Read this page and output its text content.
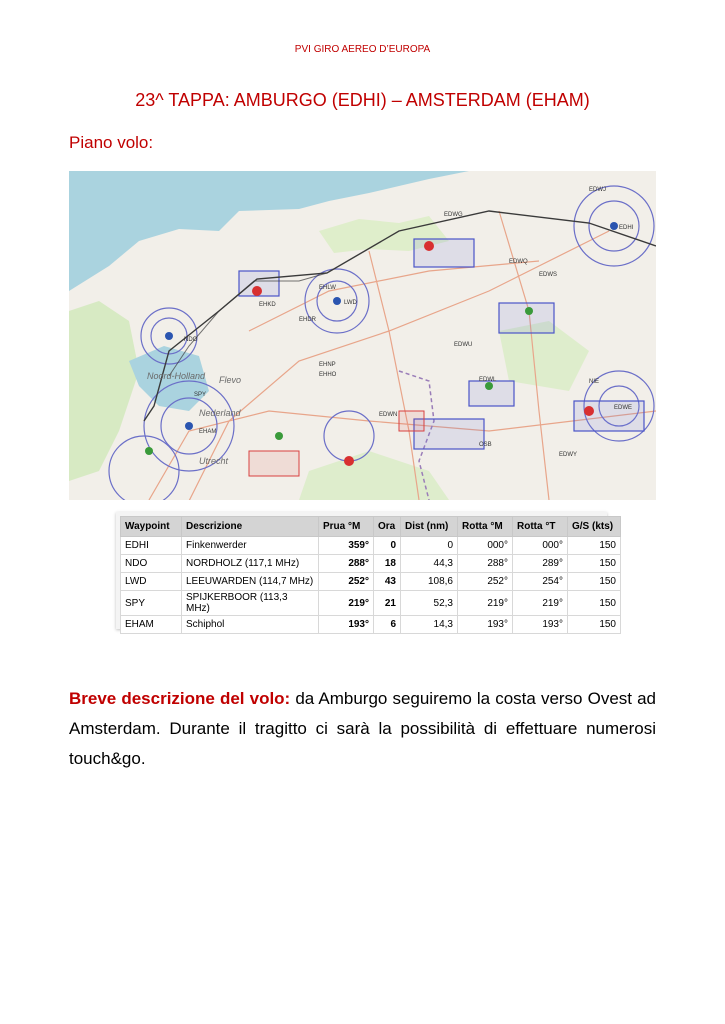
PVI GIRO AEREO D’EUROPA
23^ TAPPA: AMBURGO (EDHI) – AMSTERDAM (EHAM)
Piano volo:
EDWG
EDWJ
EDWQ
EDWS
EDWU
EDWN
EDWY
EDWL
EHHO
EHKD
EHDR
EHLW
EHNP
NDO
LWD
SPY
EHAM
EDHI
OSB
NIE
EDWE
Noord-Holland Flevo
Nederland
Utrecht
Waypoint	Descrizione	Prua °M	Ora	Dist (nm)	Rotta °M	Rotta °T	G/S (kts)
EDHI	Finkenwerder	359°	0	0	000°	000°	150
NDO	NORDHOLZ (117,1 MHz)	288°	18	44,3	288°	289°	150
LWD	LEEUWARDEN (114,7 MHz)	252°	43	108,6	252°	254°	150
SPY	SPIJKERBOOR (113,3 MHz)	219°	21	52,3	219°	219°	150
EHAM	Schiphol	193°	6	14,3	193°	193°	150
Breve descrizione del volo: da Amburgo seguiremo la costa verso Ovest ad Amsterdam. Durante il tragitto ci sarà la possibilità di effettuare numerosi touch&go.
